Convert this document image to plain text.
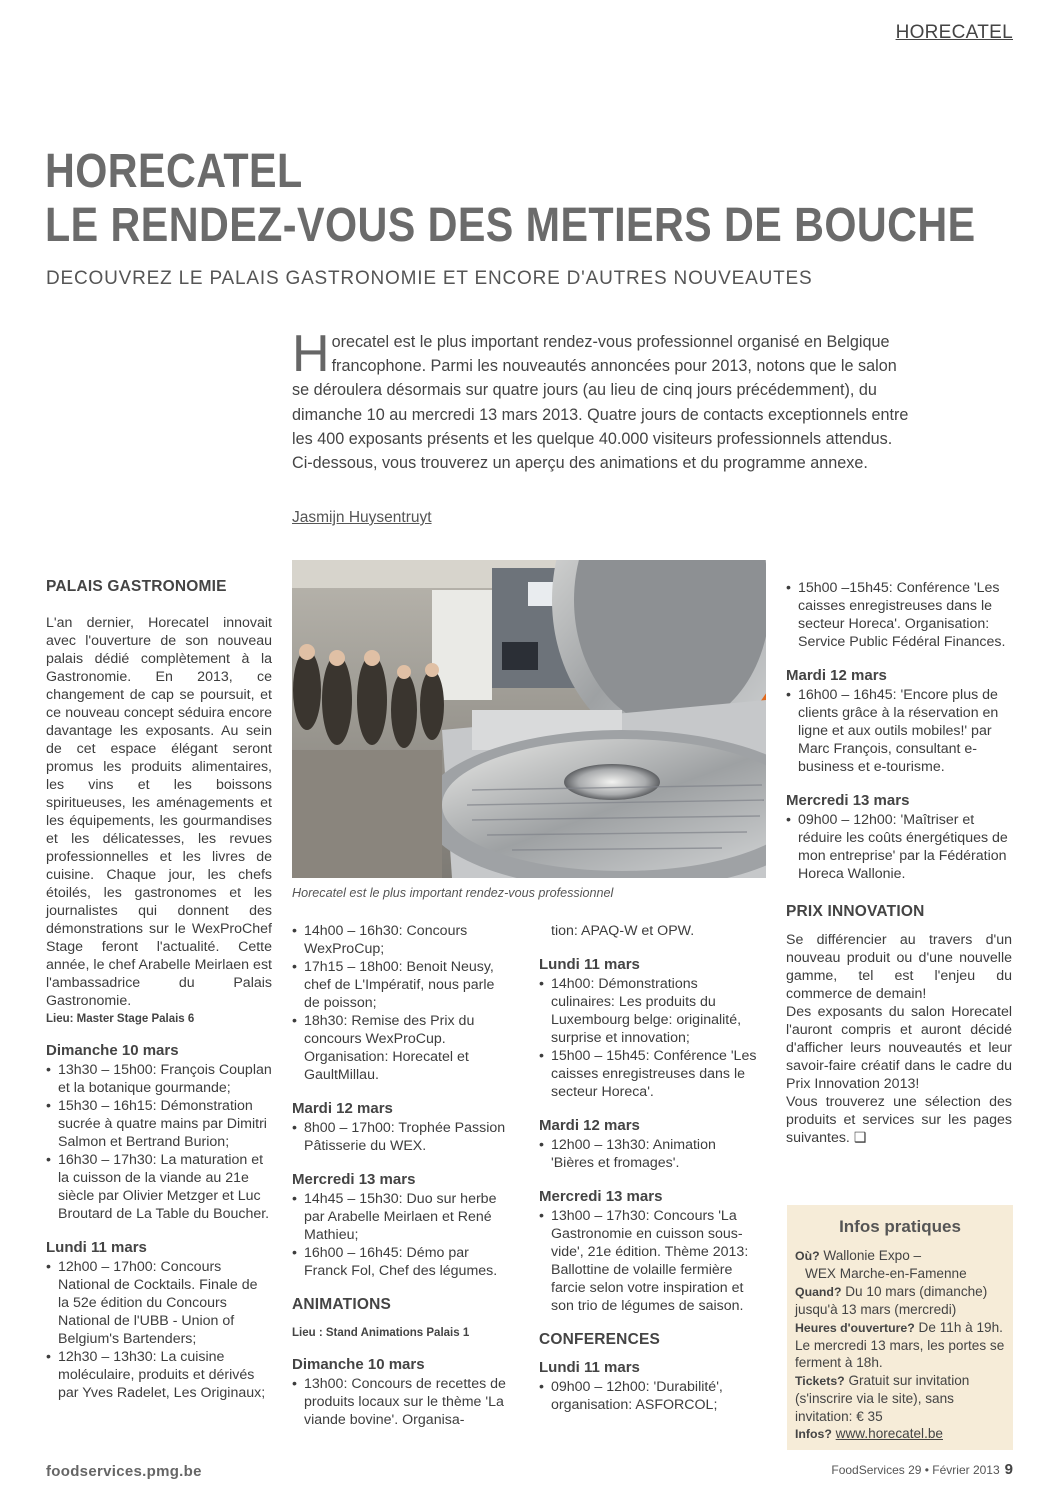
HORECATEL
HORECATEL
LE RENDEZ-VOUS DES METIERS DE BOUCHE
DECOUVREZ LE PALAIS GASTRONOMIE ET ENCORE D'AUTRES NOUVEAUTES
Horecatel est le plus important rendez-vous professionnel organisé en Belgique francophone. Parmi les nouveautés annoncées pour 2013, notons que le salon se déroulera désormais sur quatre jours (au lieu de cinq jours précédemment), du dimanche 10 au mercredi 13 mars 2013. Quatre jours de contacts exceptionnels entre les 400 exposants présents et les quelque 40.000 visiteurs professionnels attendus. Ci-dessous, vous trouverez un aperçu des animations et du programme annexe.
Jasmijn Huysentruyt
PALAIS GASTRONOMIE

L'an dernier, Horecatel innovait avec l'ouverture de son nouveau palais dédié complètement à la Gastronomie. En 2013, ce changement de cap se poursuit, et ce nouveau concept séduira encore davantage les exposants. Au sein de cet espace élégant seront promus les produits alimentaires, les vins et les boissons spiritueuses, les aménagements et les équipements, les gourmandises et les délicatesses, les revues professionnelles et les livres de cuisine. Chaque jour, les chefs étoilés, les gastronomes et les journalistes qui donnent des démonstrations sur le WexProChef Stage feront l'actualité. Cette année, le chef Arabelle Meirlaen est l'ambassadrice du Palais Gastronomie.

Lieu: Master Stage Palais 6
Dimanche 10 mars
• 13h30 – 15h00: François Couplan et la botanique gourmande;
• 15h30 – 16h15: Démonstration sucrée à quatre mains par Dimitri Salmon et Bertrand Burion;
• 16h30 – 17h30: La maturation et la cuisson de la viande au 21e siècle par Olivier Metzger et Luc Broutard de La Table du Boucher.
Lundi 11 mars
• 12h00 – 17h00: Concours National de Cocktails. Finale de la 52e édition du Concours National de l'UBB - Union of Belgium's Bartenders;
• 12h30 – 13h30: La cuisine moléculaire, produits et dérivés par Yves Radelet, Les Originaux;
Horecatel est le plus important rendez-vous professionnel
• 14h00 – 16h30: Concours WexProCup;
• 17h15 – 18h00: Benoit Neusy, chef de L'Impératif, nous parle de poisson;
• 18h30: Remise des Prix du concours WexProCup. Organisation: Horecatel et GaultMillau.
Mardi 12 mars
• 8h00 – 17h00: Trophée Passion Pâtisserie du WEX.
Mercredi 13 mars
• 14h45 – 15h30: Duo sur herbe par Arabelle Meirlaen et René Mathieu;
• 16h00 – 16h45: Démo par Franck Fol, Chef des légumes.
ANIMATIONS
Lieu : Stand Animations Palais 1
Dimanche 10 mars
• 13h00: Concours de recettes de produits locaux sur le thème 'La viande bovine'. Organisa-
tion: APAQ-W et OPW.
Lundi 11 mars
• 14h00: Démonstrations culinaires: Les produits du Luxembourg belge: originalité, surprise et innovation;
• 15h00 – 15h45: Conférence 'Les caisses enregistreuses dans le secteur Horeca'.
Mardi 12 mars
• 12h00 – 13h30: Animation 'Bières et fromages'.
Mercredi 13 mars
• 13h00 – 17h30: Concours 'La Gastronomie en cuisson sous-vide', 21e édition. Thème 2013: Ballottine de volaille fermière farcie selon votre inspiration et son trio de légumes de saison.
CONFERENCES
Lundi 11 mars
• 09h00 – 12h00: 'Durabilité', organisation: ASFORCOL;
• 15h00 –15h45: Conférence 'Les caisses enregistreuses dans le secteur Horeca'. Organisation: Service Public Fédéral Finances.
Mardi 12 mars
• 16h00 – 16h45: 'Encore plus de clients grâce à la réservation en ligne et aux outils mobiles!' par Marc François, consultant e-business et e-tourisme.
Mercredi 13 mars
• 09h00 – 12h00: 'Maîtriser et réduire les coûts énergétiques de mon entreprise' par la Fédération Horeca Wallonie.
PRIX INNOVATION

Se différencier au travers d'un nouveau produit ou d'une nouvelle gamme, tel est l'enjeu du commerce de demain!

Des exposants du salon Horecatel l'auront compris et auront décidé d'afficher leurs nouveautés et leur savoir-faire créatif dans le cadre du Prix Innovation 2013!

Vous trouverez une sélection des produits et services sur les pages suivantes. ❑

Infos pratiques
Où? Wallonie Expo –
WEX Marche-en-Famenne
Quand? Du 10 mars (dimanche) jusqu'à 13 mars (mercredi)
Heures d'ouverture? De 11h à 19h. Le mercredi 13 mars, les portes se ferment à 18h.
Tickets? Gratuit sur invitation (s'inscrire via le site), sans invitation: € 35
Infos? www.horecatel.be
foodservices.pmg.be	FoodServices 29 • Février 2013 9
